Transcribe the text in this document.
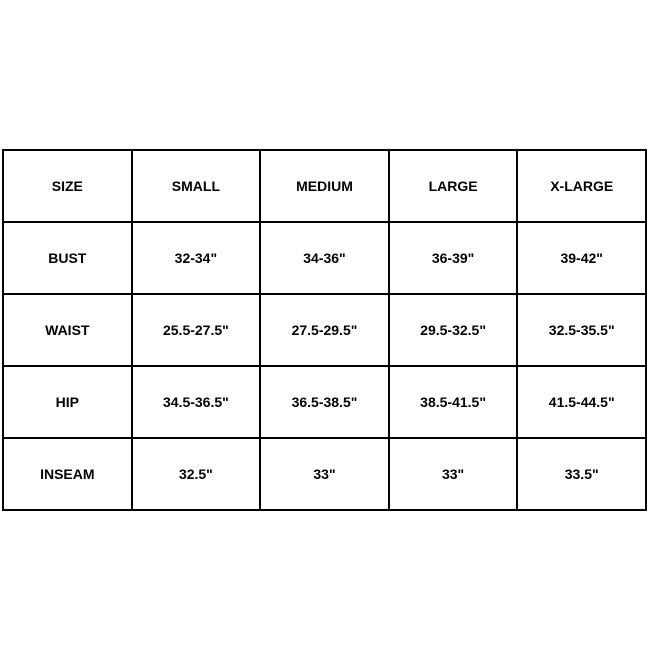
SIZE	SMALL	MEDIUM	LARGE	X-LARGE
BUST	32-34"	34-36"	36-39"	39-42"
WAIST	25.5-27.5"	27.5-29.5"	29.5-32.5"	32.5-35.5"
HIP	34.5-36.5"	36.5-38.5"	38.5-41.5"	41.5-44.5"
INSEAM	32.5"	33"	33"	33.5"
